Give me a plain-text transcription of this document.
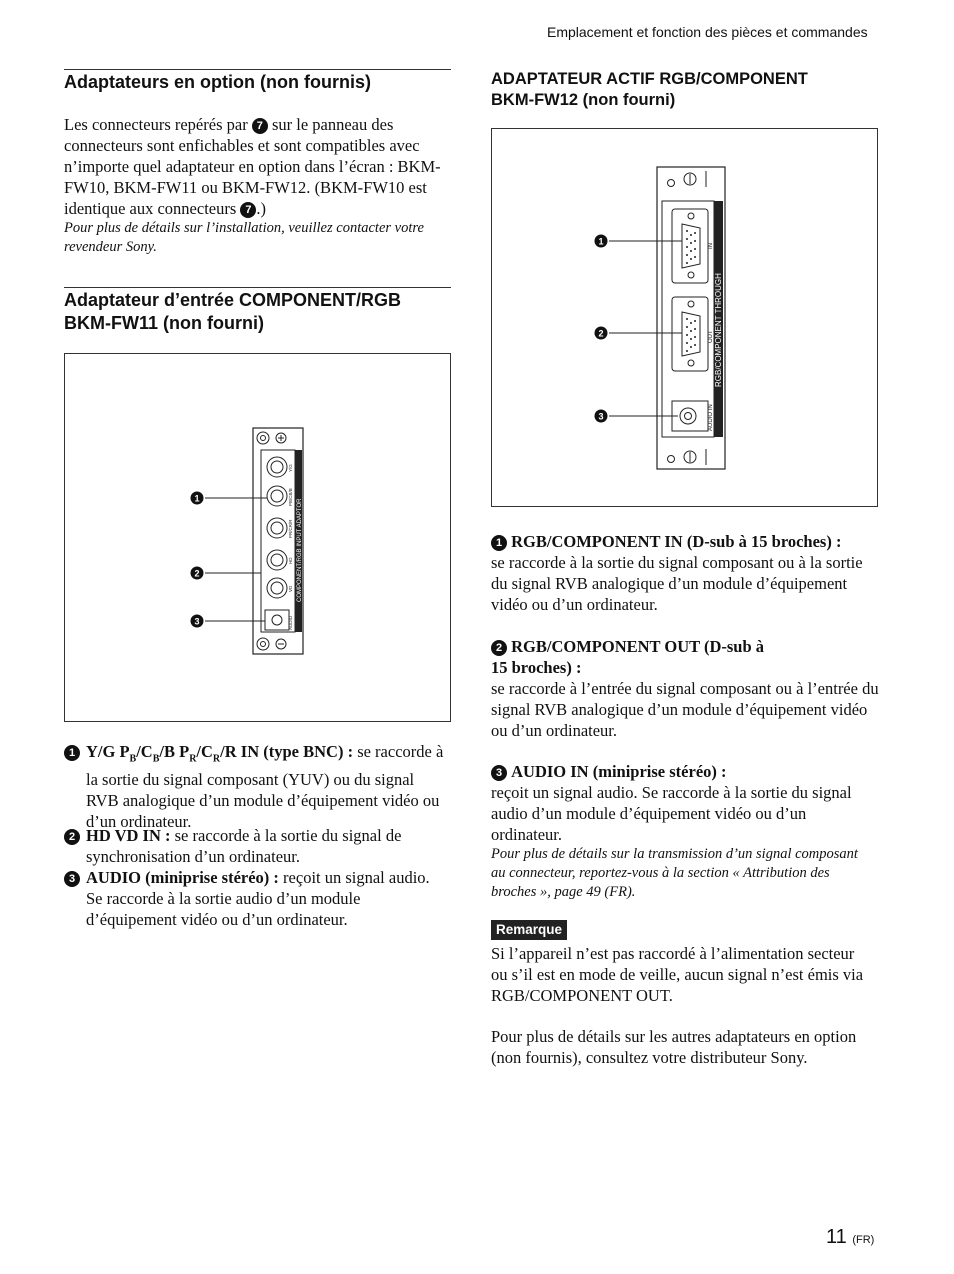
Emplacement et fonction des pièces et commandes
Adaptateurs en option (non fournis)
Les connecteurs repérés par 7 sur le panneau des connecteurs sont enfichables et sont compatibles avec n’importe quel adaptateur en option dans l’écran : BKM-FW10, BKM-FW11 ou BKM-FW12. (BKM-FW10 est identique aux connecteurs 7 .)
Pour plus de détails sur l’installation, veuillez contacter votre revendeur Sony.
Adaptateur d’entrée COMPONENT/RGB
BKM-FW11 (non fourni)
1
2
3
COMPONENT/RGB INPUT ADAPTOR
Y/G
PB/CB/B
PR/CR/R
HD
VD
AUDIO
1 Y/G $P_B/C_B/B$ $P_R/C_R/R$ IN (type BNC) : se raccorde à la sortie du signal composant (YUV) ou du signal RVB analogique d’un module d’équipement vidéo ou d’un ordinateur.
2 HD VD IN : se raccorde à la sortie du signal de synchronisation d’un ordinateur.
3 AUDIO (miniprise stéréo) : reçoit un signal audio. Se raccorde à la sortie audio d’un module d’équipement vidéo ou d’un ordinateur.
ADAPTATEUR ACTIF RGB/COMPONENT
BKM-FW12 (non fourni)
1
2
3
RGB/COMPONENT THROUGH
IN
OUT
AUDIO IN
1 RGB/COMPONENT IN (D-sub à 15 broches) :
se raccorde à la sortie du signal composant ou à la sortie du signal RVB analogique d’un module d’équipement vidéo ou d’un ordinateur.
2 RGB/COMPONENT OUT (D-sub à
15 broches) :
se raccorde à l’entrée du signal composant ou à l’entrée du signal RVB analogique d’un module d’équipement vidéo ou d’un ordinateur.
3 AUDIO IN (miniprise stéréo) :
reçoit un signal audio. Se raccorde à la sortie du signal audio d’un module d’équipement vidéo ou d’un ordinateur.
Pour plus de détails sur la transmission d’un signal composant au connecteur, reportez-vous à la section « Attribution des broches », page 49 (FR).
Remarque
Si l’appareil n’est pas raccordé à l’alimentation secteur ou s’il est en mode de veille, aucun signal n’est émis via RGB/COMPONENT OUT.
Pour plus de détails sur les autres adaptateurs en option (non fournis), consultez votre distributeur Sony.
11 (FR)
